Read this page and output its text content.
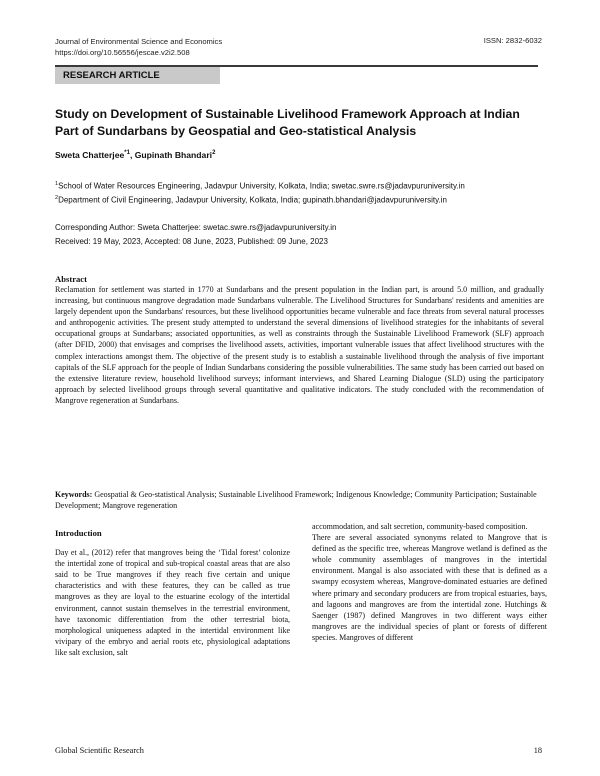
Journal of Environmental Science and Economics
https://doi.org/10.56556/jescae.v2i2.508
ISSN: 2832-6032
RESEARCH ARTICLE
Study on Development of Sustainable Livelihood Framework Approach at Indian Part of Sundarbans by Geospatial and Geo-statistical Analysis
Sweta Chatterjee$^{*1}$, Gupinath Bhandari$^2$
$^1$School of Water Resources Engineering, Jadavpur University, Kolkata, India; swetac.swre.rs@jadavpuruniversity.in
$^2$Department of Civil Engineering, Jadavpur University, Kolkata, India; gupinath.bhandari@jadavpuruniversity.in
Corresponding Author: Sweta Chatterjee: swetac.swre.rs@jadavpuruniversity.in
Received: 19 May, 2023, Accepted: 08 June, 2023, Published: 09 June, 2023
Abstract
Reclamation for settlement was started in 1770 at Sundarbans and the present population in the Indian part, is around 5.0 million, and gradually increasing, but continuous mangrove degradation made Sundarbans vulnerable. The Livelihood Structures for Sundarbans' residents and amenities are largely dependent upon the Sundarbans' resources, but these livelihood opportunities became vulnerable and face threats from several natural processes and anthropogenic activities. The present study attempted to understand the several dimensions of livelihood strategies for the inhabitants of several occupational groups at Sundarbans; associated opportunities, as well as constraints through the Sustainable Livelihood Framework (SLF) approach (after DFID, 2000) that envisages and comprises the livelihood assets, activities, important vulnerable issues that affect livelihood structures with the complex interactions amongst them. The objective of the present study is to establish a sustainable livelihood through the analysis of five important capitals of the SLF approach for the people of Indian Sundarbans considering the possible vulnerabilities. The same study has been carried out based on the extensive literature review, household livelihood surveys; informant interviews, and Shared Learning Dialogue (SLD) using the participatory approach by selected livelihood groups through several quantitative and qualitative indicators. The study concluded with the recommendation of Mangrove regeneration at Sundarbans.
Keywords: Geospatial & Geo-statistical Analysis; Sustainable Livelihood Framework; Indigenous Knowledge; Community Participation; Sustainable Development; Mangrove regeneration
Introduction

Day et al., (2012) refer that mangroves being the ‘Tidal forest’ colonize the intertidal zone of tropical and sub-tropical coastal areas that are also said to be True mangroves if they reach five certain and unique characteristics and with these features, they can be called as true mangroves as they are loyal to the estuarine ecology of the intertidal environment, cannot sustain themselves in the terrestrial environment, have taxonomic differentiation from the other terrestrial biota, morphological uniqueness adapted in the intertidal environment like vivipary of the embryo and aerial roots etc, physiological adaptations like salt exclusion, salt

accommodation, and salt secretion, community-based composition.

There are several associated synonyms related to Mangrove that is defined as the specific tree, whereas Mangrove wetland is defined as the whole community assemblages of mangroves in the intertidal environment. Mangal is also associated with these that is defined as a swampy ecosystem whereas, Mangrove-dominated estuaries are defined where primary and secondary producers are from tropical estuaries, bays, and lagoons and mangroves are from the intertidal zone. Hutchings & Saenger (1987) defined Mangroves in two different ways either mangroves are the individual species of plant or forests of different species. Mangroves of different

Global Scientific Research	18
